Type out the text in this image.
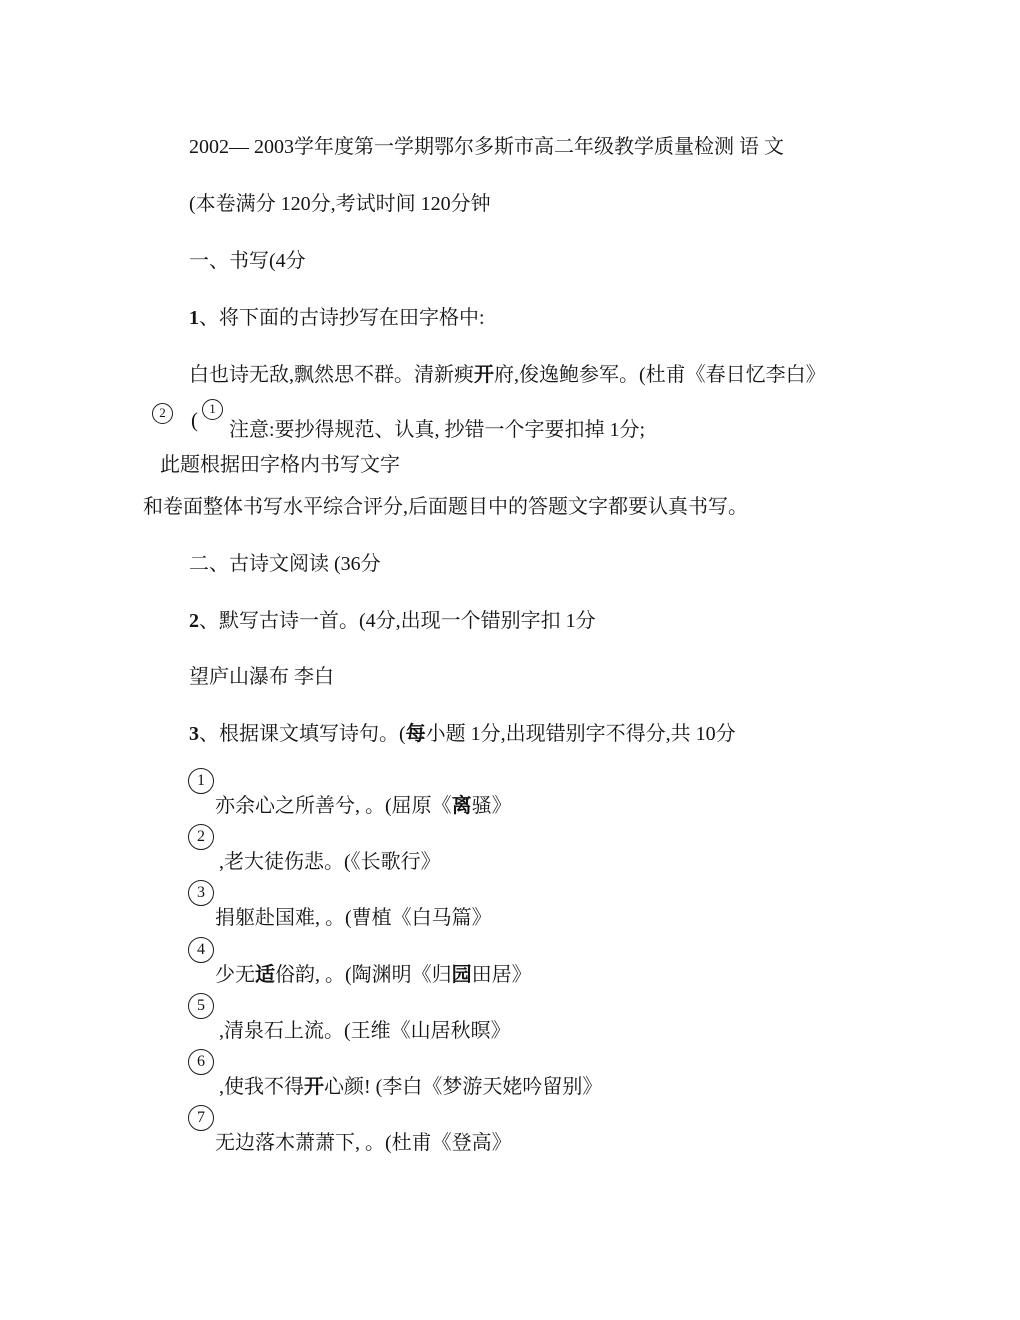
2002— 2003学年度第一学期鄂尔多斯市高二年级教学质量检测 语 文
(本卷满分 120分,考试时间 120分钟
一、书写(4分
1、将下面的古诗抄写在田字格中:
白也诗无敌,飘然思不群。清新瘐开府,俊逸鲍参军。(杜甫《春日忆李白》
2	( 1
注意:要抄得规范、认真, 抄错一个字要扣掉 1分;
此题根据田字格内书写文字
和卷面整体书写水平综合评分,后面题目中的答题文字都要认真书写。
二、古诗文阅读 (36分
2、默写古诗一首。(4分,出现一个错别字扣 1分
望庐山瀑布 李白
3、根据课文填写诗句。(每小题 1分,出现错别字不得分,共 10分
1
亦余心之所善兮, 。(屈原《离骚》
2
,老大徒伤悲。(《长歌行》
3
捐躯赴国难, 。(曹植《白马篇》
4
少无适俗韵, 。(陶渊明《归园田居》
5
,清泉石上流。(王维《山居秋暝》
6
,使我不得开心颜! (李白《梦游天姥吟留别》
7
无边落木萧萧下, 。(杜甫《登高》
